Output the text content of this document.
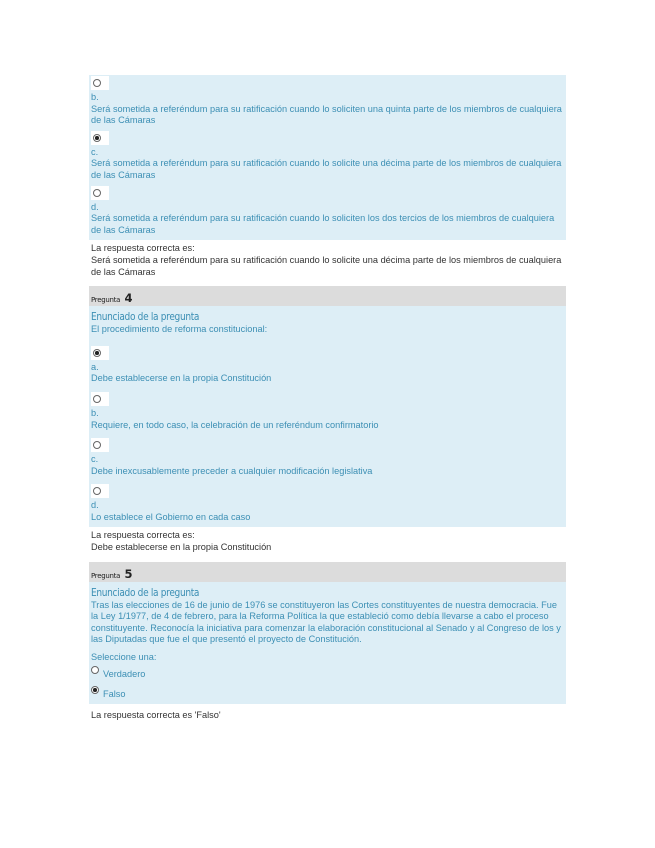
b.
Será sometida a referéndum para su ratificación cuando lo soliciten una quinta parte de los miembros de cualquiera de las Cámaras
c.
Será sometida a referéndum para su ratificación cuando lo solicite una décima parte de los miembros de cualquiera de las Cámaras
d.
Será sometida a referéndum para su ratificación cuando lo soliciten los dos tercios de los miembros de cualquiera de las Cámaras
La respuesta correcta es:
Será sometida a referéndum para su ratificación cuando lo solicite una décima parte de los miembros de cualquiera de las Cámaras
Pregunta 4
Enunciado de la pregunta
El procedimiento de reforma constitucional:
a.
Debe establecerse en la propia Constitución
b.
Requiere, en todo caso, la celebración de un referéndum confirmatorio
c.
Debe inexcusablemente preceder a cualquier modificación legislativa
d.
Lo establece el Gobierno en cada caso
La respuesta correcta es:
Debe establecerse en la propia Constitución
Pregunta 5
Enunciado de la pregunta
Tras las elecciones de 16 de junio de 1976 se constituyeron las Cortes constituyentes de nuestra democracia. Fue la Ley 1/1977, de 4 de febrero, para la Reforma Política la que estableció como debía llevarse a cabo el proceso constituyente. Reconocía la iniciativa para comenzar la elaboración constitucional al Senado y al Congreso de los y las Diputadas que fue el que presentó el proyecto de Constitución.
Seleccione una:
Verdadero
Falso
La respuesta correcta es 'Falso'
